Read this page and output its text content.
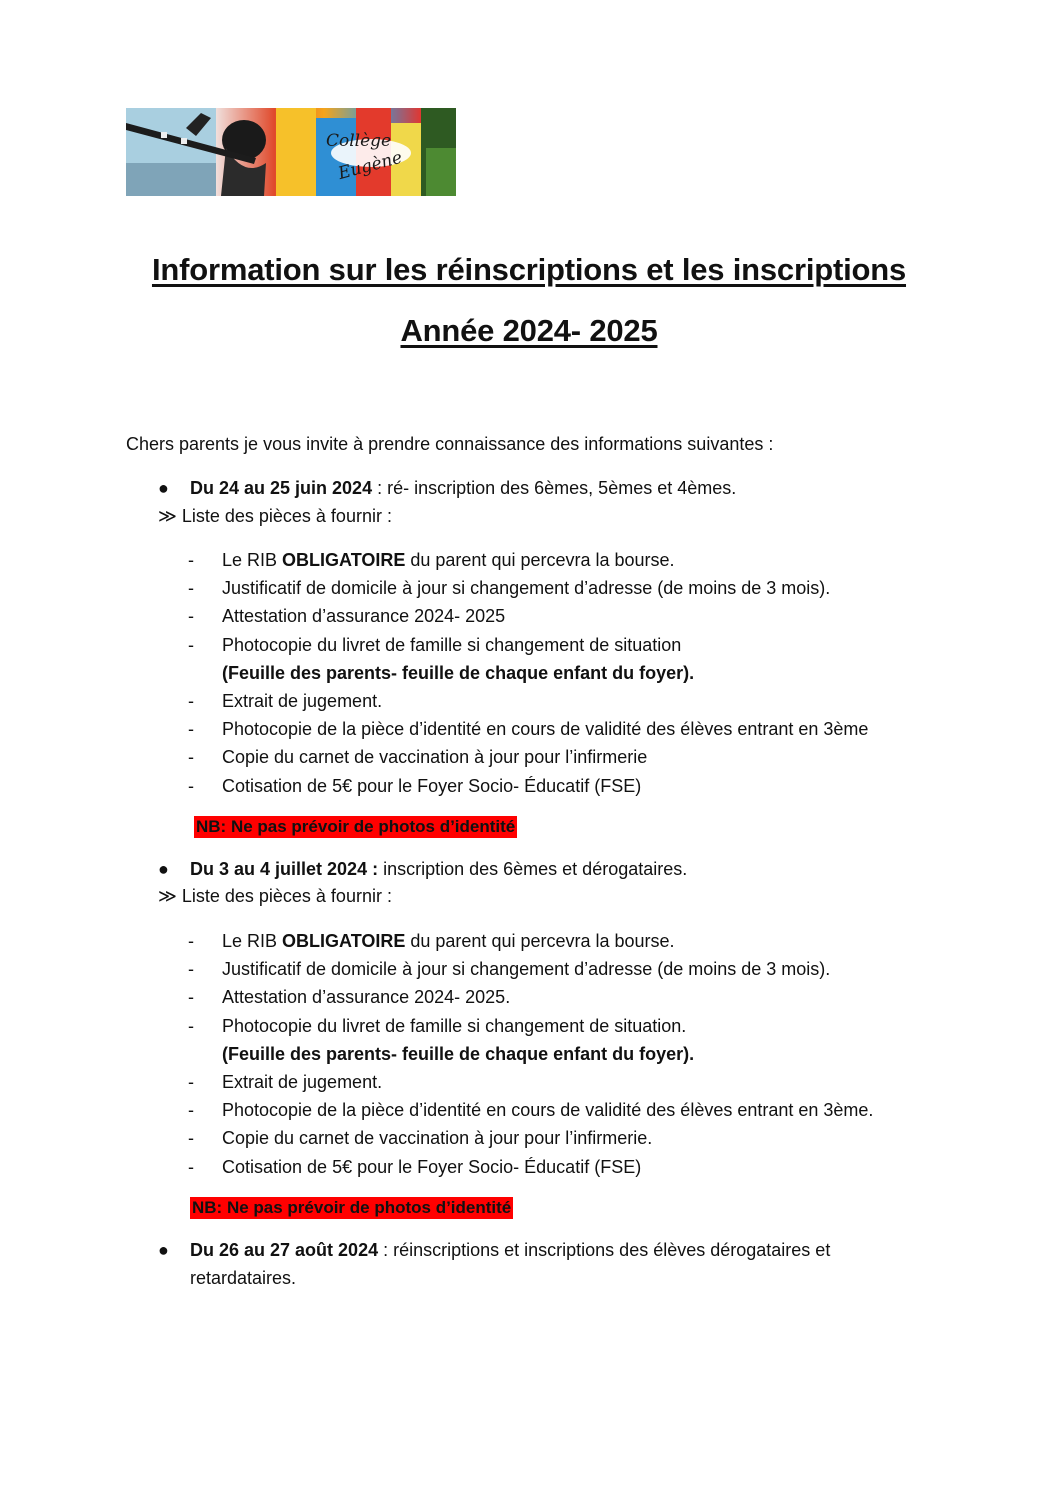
Collège
Eugène
Information sur les réinscriptions et les inscriptions
Année 2024- 2025
Chers parents je vous invite à prendre connaissance des informations suivantes :
● Du 24 au 25 juin 2024 : ré- inscription des 6èmes, 5èmes et 4èmes.
≫ Liste des pièces à fournir :
- Le RIB OBLIGATOIRE du parent qui percevra la bourse.
- Justificatif de domicile à jour si changement d’adresse (de moins de 3 mois).
- Attestation d’assurance 2024- 2025
- Photocopie du livret de famille si changement de situation
(Feuille des parents- feuille de chaque enfant du foyer).
- Extrait de jugement.
- Photocopie de la pièce d’identité en cours de validité des élèves entrant en 3ème
- Copie du carnet de vaccination à jour pour l’infirmerie
- Cotisation de 5€ pour le Foyer Socio- Éducatif (FSE)
NB: Ne pas prévoir de photos d’identité
● Du 3 au 4 juillet 2024 : inscription des 6èmes et dérogataires.
≫ Liste des pièces à fournir :
- Le RIB OBLIGATOIRE du parent qui percevra la bourse.
- Justificatif de domicile à jour si changement d’adresse (de moins de 3 mois).
- Attestation d’assurance 2024- 2025.
- Photocopie du livret de famille si changement de situation.
(Feuille des parents- feuille de chaque enfant du foyer).
- Extrait de jugement.
- Photocopie de la pièce d’identité en cours de validité des élèves entrant en 3ème.
- Copie du carnet de vaccination à jour pour l’infirmerie.
- Cotisation de 5€ pour le Foyer Socio- Éducatif (FSE)
NB: Ne pas prévoir de photos d’identité
● Du 26 au 27 août 2024 : réinscriptions et inscriptions des élèves dérogataires et
retardataires.
